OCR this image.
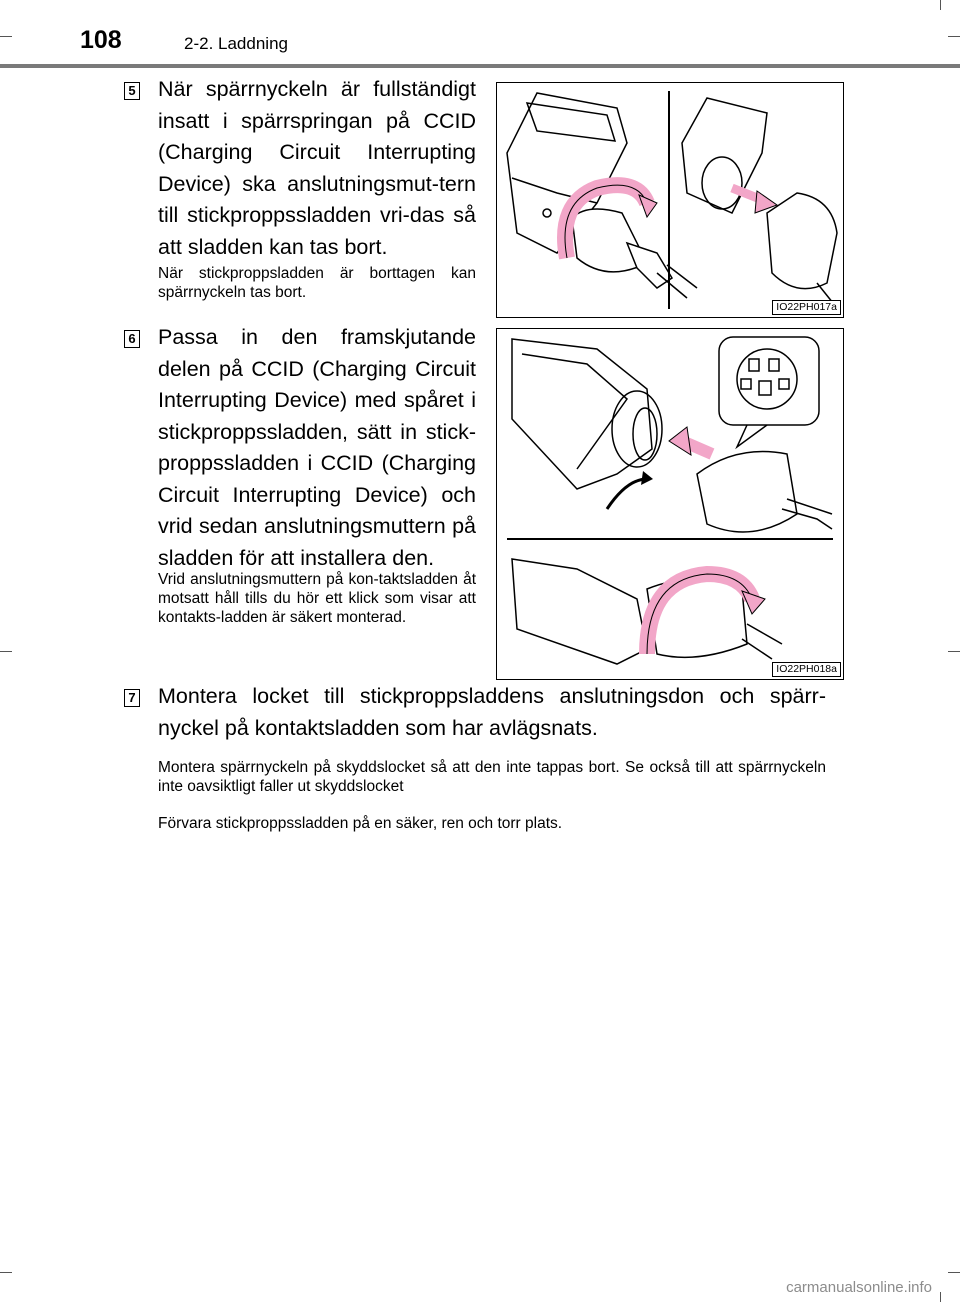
108	2-2. Laddning
5 När spärrnyckeln är fullständigt insatt i spärrspringan på CCID (Charging Circuit Interrupting Device) ska anslutningsmut-tern till stickproppssladden vri-das så att sladden kan tas bort.
När stickproppsladden är borttagen kan spärrnyckeln tas bort.
IO22PH017a
6 Passa in den framskjutande delen på CCID (Charging Circuit Interrupting Device) med spåret i stickproppssladden, sätt in stick-proppssladden i CCID (Charging Circuit Interrupting Device) och vrid sedan anslutningsmuttern på sladden för att installera den.
Vrid anslutningsmuttern på kon-taktsladden åt motsatt håll tills du hör ett klick som visar att kontakts-ladden är säkert monterad.
IO22PH018a
7 Montera locket till stickproppsladdens anslutningsdon och spärr-nyckel på kontaktsladden som har avlägsnats.
Montera spärrnyckeln på skyddslocket så att den inte tappas bort. Se också till att spärrnyckeln inte oavsiktligt faller ut skyddslocket
Förvara stickproppssladden på en säker, ren och torr plats.
carmanualsonline.info
